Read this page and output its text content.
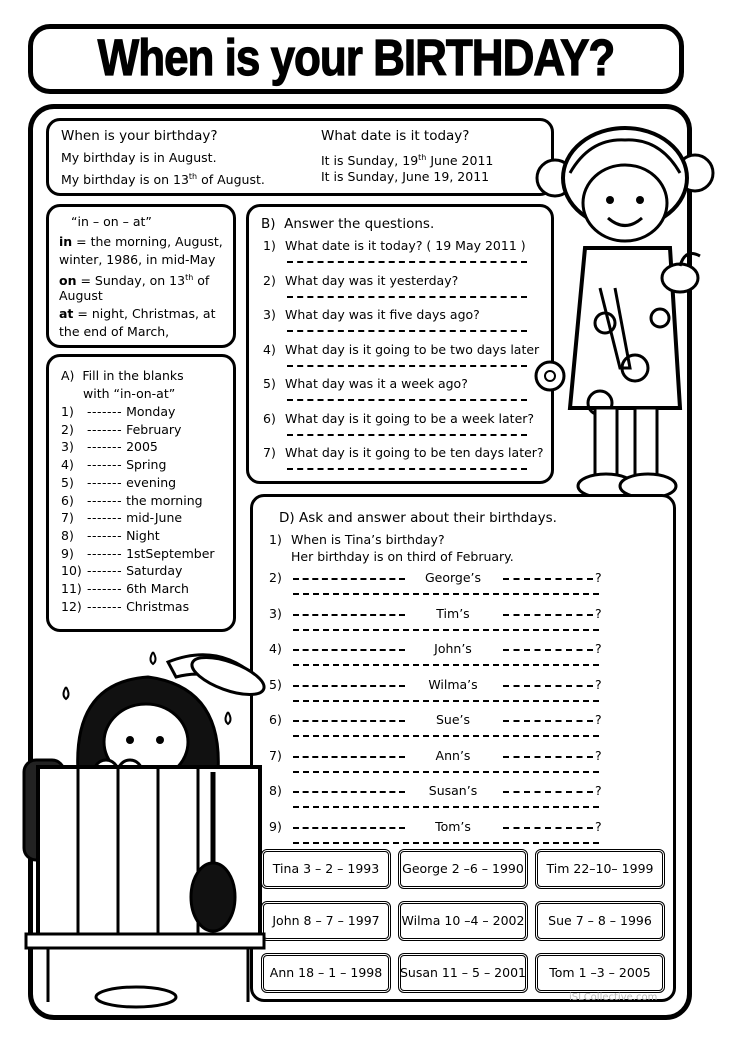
When is your BIRTHDAY?
When is your birthday?
My birthday is in August.
My birthday is on 13th of August.
What date is it today?
It is Sunday, 19th June 2011
It is Sunday, June 19, 2011
“in – on – at”
in = the morning, August,
winter, 1986, in mid-May
on = Sunday, on 13th of
August
at = night, Christmas, at
the end of March,
A) Fill in the blanks
with “in-on-at”
1) ------- Monday
2) ------- February
3) ------- 2005
4) ------- Spring
5) ------- evening
6) ------- the morning
7) ------- mid-June
8) ------- Night
9) ------- 1stSeptember
10) ------- Saturday
11) ------- 6th March
12) ------- Christmas
B) Answer the questions.
1) What date is it today? ( 19 May 2011 )
2) What day was it yesterday?
3) What day was it five days ago?
4) What day is it going to be two days later
5) What day was it a week ago?
6) What day is it going to be a week later?
7) What day is it going to be ten days later?
D) Ask and answer about their birthdays.
1) When is Tina’s birthday?
Her birthday is on third of February.
2)	George’s	?
3)	Tim’s	?
4)	John’s	?
5)	Wilma’s	?
6)	Sue’s	?
7)	Ann’s	?
8)	Susan’s	?
9)	Tom’s	?
Tina 3 – 2 – 1993	George 2 –6 – 1990	Tim 22–10– 1999
John 8 – 7 – 1997	Wilma 10 –4 – 2002	Sue 7 – 8 – 1996
Ann 18 – 1 – 1998	Susan 11 – 5 – 2001	Tom 1 –3 – 2005
iSLCollective.com
